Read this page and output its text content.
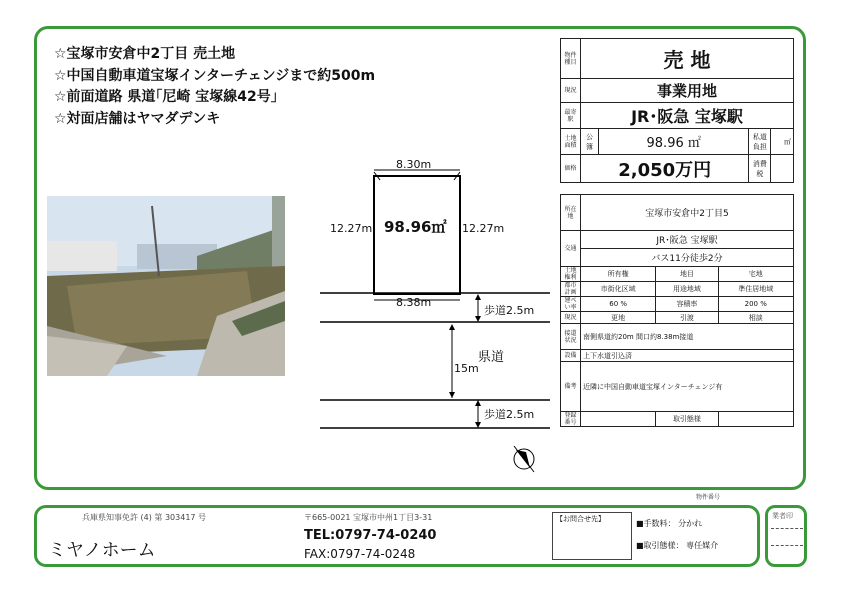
☆宝塚市安倉中2丁目 売土地
☆中国自動車道宝塚インターチェンジまで約500m
☆前面道路 県道｢尼崎 宝塚線42号｣
☆対面店舗はヤマダデンキ
8.30m
12.27m	12.27m
98.96㎡
8.38m
歩道2.5m
15m
県道
歩道2.5m
物件種目	売 地			
現況	事業用地			
最寄駅	JR･阪急 宝塚駅			
土地面積	公簿	98.96 ㎡	私道負担	㎡
価格	2,050万円		消費税	
所在地	宝塚市安倉中2丁目5		
交通	JR･阪急 宝塚駅		
	バス11分徒歩2分		
土地権利	所有権	地目	宅地
都市計画	市街化区域	用途地域	準住居地域
建ぺい率	60 %	容積率	200 %
現況	更地	引渡	相談
接道状況	南側県道約20m 間口約8.38m接道		
設備	上下水道引込済		
備考	近隣に中国自動車道宝塚インターチェンジ有		
登録番号		取引態様	
物件番号
兵庫県知事免許 (4) 第 303417 号
ミヤノホーム
〒665-0021 宝塚市中州1丁目3-31
TEL:0797-74-0240
FAX:0797-74-0248
【お問合せ先】	■手数料： 分かれ
■取引態様： 専任媒介
業者印
